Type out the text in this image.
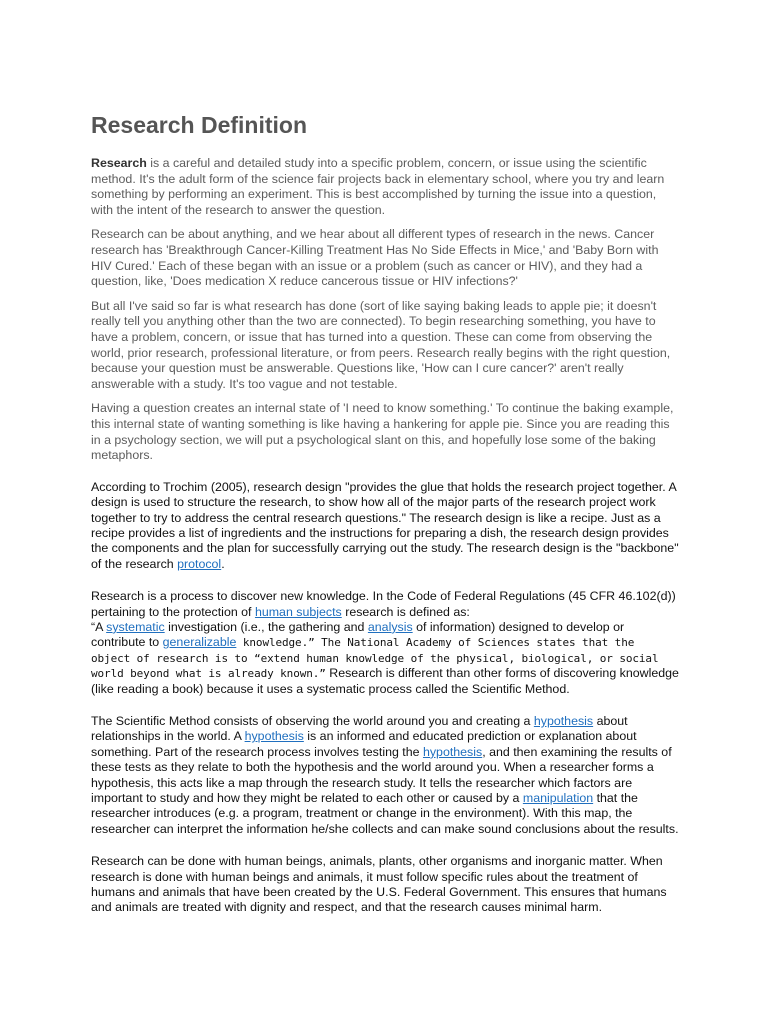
Research Definition

Research is a careful and detailed study into a specific problem, concern, or issue using the scientific method. It's the adult form of the science fair projects back in elementary school, where you try and learn something by performing an experiment. This is best accomplished by turning the issue into a question, with the intent of the research to answer the question.

Research can be about anything, and we hear about all different types of research in the news. Cancer research has 'Breakthrough Cancer-Killing Treatment Has No Side Effects in Mice,' and 'Baby Born with HIV Cured.' Each of these began with an issue or a problem (such as cancer or HIV), and they had a question, like, 'Does medication X reduce cancerous tissue or HIV infections?'

But all I've said so far is what research has done (sort of like saying baking leads to apple pie; it doesn't really tell you anything other than the two are connected). To begin researching something, you have to have a problem, concern, or issue that has turned into a question. These can come from observing the world, prior research, professional literature, or from peers. Research really begins with the right question, because your question must be answerable. Questions like, 'How can I cure cancer?' aren't really answerable with a study. It's too vague and not testable.

Having a question creates an internal state of 'I need to know something.' To continue the baking example, this internal state of wanting something is like having a hankering for apple pie. Since you are reading this in a psychology section, we will put a psychological slant on this, and hopefully lose some of the baking metaphors.

According to Trochim (2005), research design "provides the glue that holds the research project together. A design is used to structure the research, to show how all of the major parts of the research project work together to try to address the central research questions." The research design is like a recipe. Just as a recipe provides a list of ingredients and the instructions for preparing a dish, the research design provides the components and the plan for successfully carrying out the study. The research design is the "backbone" of the research protocol.

Research is a process to discover new knowledge. In the Code of Federal Regulations (45 CFR 46.102(d)) pertaining to the protection of human subjects research is defined as:
“A systematic investigation (i.e., the gathering and analysis of information) designed to develop or contribute to generalizable knowledge.” The National Academy of Sciences states that the object of research is to “extend human knowledge of the physical, biological, or social world beyond what is already known.” Research is different than other forms of discovering knowledge (like reading a book) because it uses a systematic process called the Scientific Method.

The Scientific Method consists of observing the world around you and creating a hypothesis about relationships in the world. A hypothesis is an informed and educated prediction or explanation about something. Part of the research process involves testing the hypothesis, and then examining the results of these tests as they relate to both the hypothesis and the world around you. When a researcher forms a hypothesis, this acts like a map through the research study. It tells the researcher which factors are important to study and how they might be related to each other or caused by a manipulation that the researcher introduces (e.g. a program, treatment or change in the environment). With this map, the researcher can interpret the information he/she collects and can make sound conclusions about the results.

Research can be done with human beings, animals, plants, other organisms and inorganic matter. When research is done with human beings and animals, it must follow specific rules about the treatment of humans and animals that have been created by the U.S. Federal Government. This ensures that humans and animals are treated with dignity and respect, and that the research causes minimal harm.
